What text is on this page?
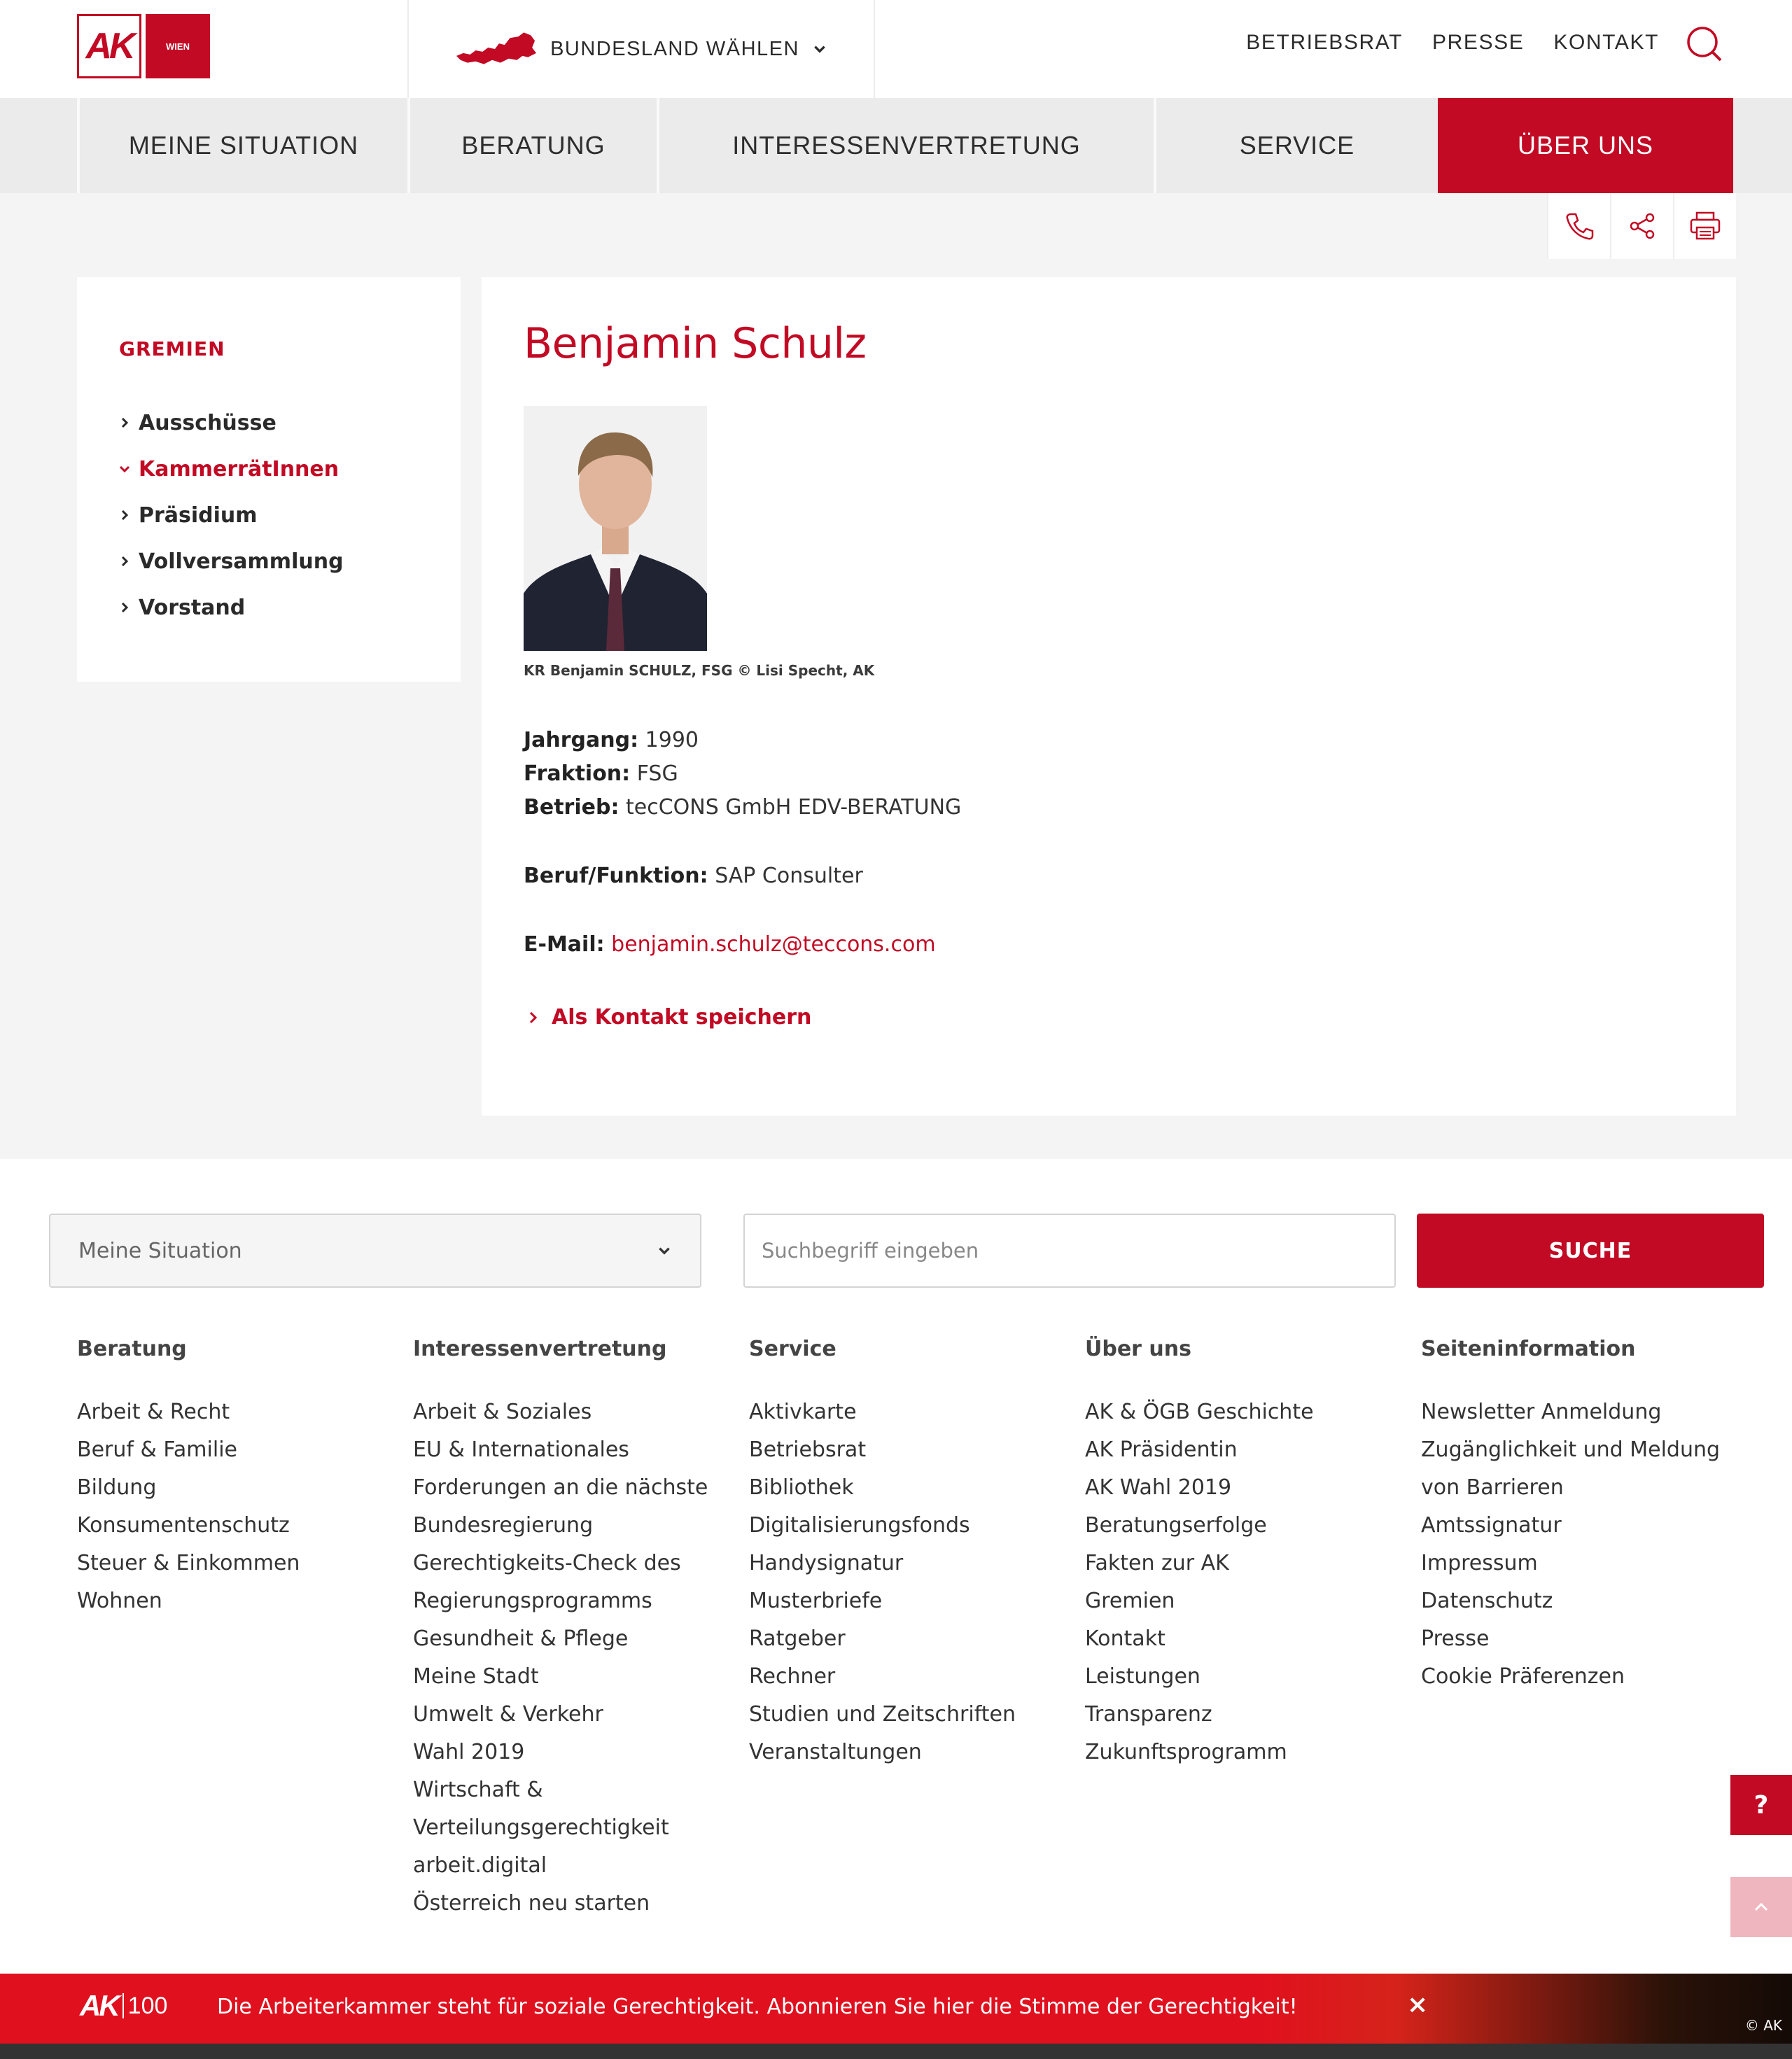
AK	WIEN	BUNDESLAND WÄHLEN	BETRIEBSRAT PRESSE KONTAKT
MEINE SITUATION	BERATUNG	INTERESSENVERTRETUNG	SERVICE	ÜBER UNS
GREMIEN
Ausschüsse
KammerrätInnen
Präsidium
Vollversammlung
Vorstand
Benjamin Schulz
KR Benjamin SCHULZ, FSG © Lisi Specht, AK
Jahrgang: 1990
Fraktion: FSG
Betrieb: tecCONS GmbH EDV-BERATUNG
Beruf/Funktion: SAP Consulter
E-Mail: benjamin.schulz@teccons.com
Als Kontakt speichern
Meine Situation
Suchbegriff eingeben	SUCHE
Beratung
Arbeit & Recht
Beruf & Familie
Bildung
Konsumentenschutz
Steuer & Einkommen
Wohnen
Interessenvertretung
Arbeit & Soziales
EU & Internationales
Forderungen an die nächste
Bundesregierung
Gerechtigkeits-Check des
Regierungsprogramms
Gesundheit & Pflege
Meine Stadt
Umwelt & Verkehr
Wahl 2019
Wirtschaft &
Verteilungsgerechtigkeit
arbeit.digital
Österreich neu starten
Service
Aktivkarte
Betriebsrat
Bibliothek
Digitalisierungsfonds
Handysignatur
Musterbriefe
Ratgeber
Rechner
Studien und Zeitschriften
Veranstaltungen
Über uns
AK & ÖGB Geschichte
AK Präsidentin
AK Wahl 2019
Beratungserfolge
Fakten zur AK
Gremien
Kontakt
Leistungen
Transparenz
Zukunftsprogramm
Seiteninformation
Newsletter Anmeldung
Zugänglichkeit und Meldung
von Barrieren
Amtssignatur
Impressum
Datenschutz
Presse
Cookie Präferenzen
?
AK 100 Die Arbeiterkammer steht für soziale Gerechtigkeit. Abonnieren Sie hier die Stimme der Gerechtigkeit!	×
© AK
